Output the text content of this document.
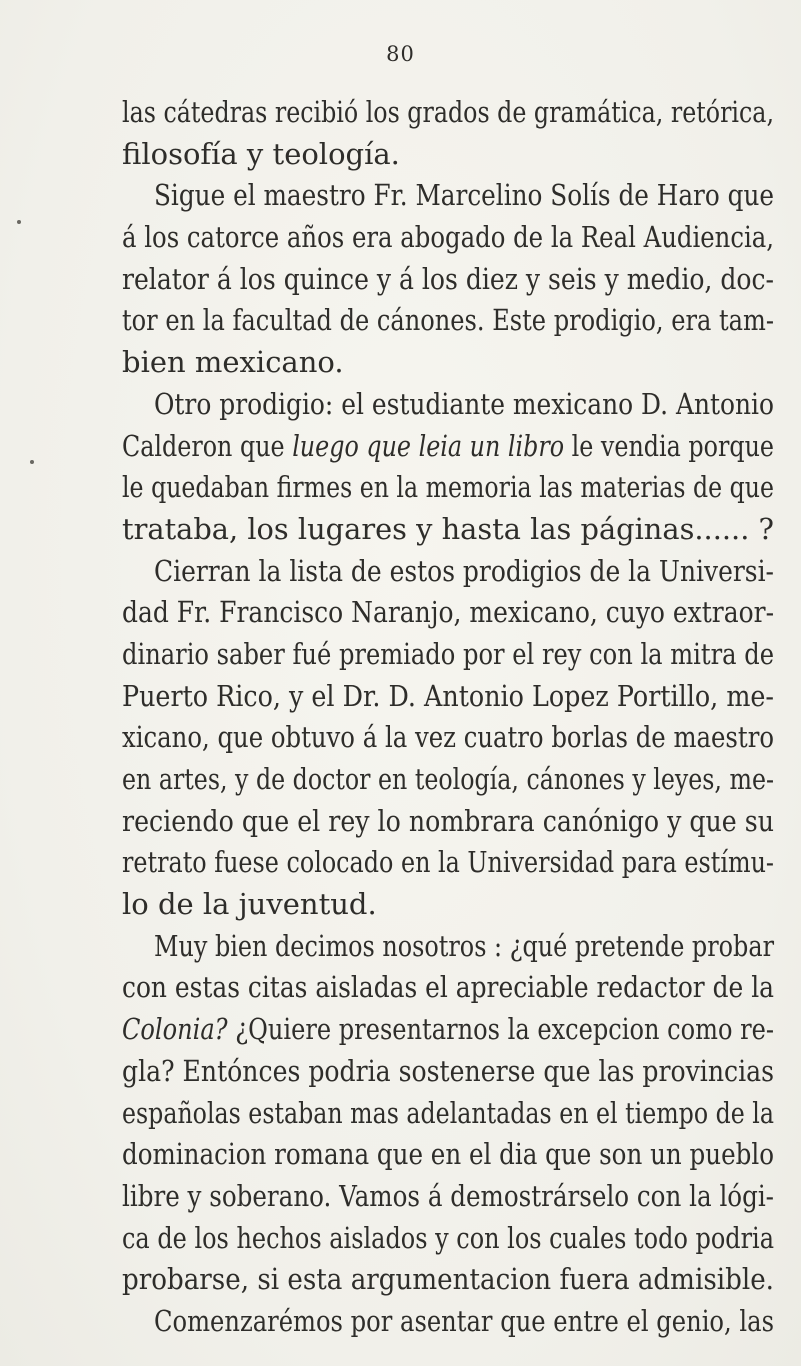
80
las cátedras recibió los grados de gramática, retórica,
filosofía y teología.
Sigue el maestro Fr. Marcelino Solís de Haro que
á los catorce años era abogado de la Real Audiencia,
relator á los quince y á los diez y seis y medio, doc-
tor en la facultad de cánones. Este prodigio, era tam-
bien mexicano.
Otro prodigio: el estudiante mexicano D. Antonio
Calderon que luego que leia un libro le vendia porque
le quedaban firmes en la memoria las materias de que
trataba, los lugares y hasta las páginas...... ?
Cierran la lista de estos prodigios de la Universi-
dad Fr. Francisco Naranjo, mexicano, cuyo extraor-
dinario saber fué premiado por el rey con la mitra de
Puerto Rico, y el Dr. D. Antonio Lopez Portillo, me-
xicano, que obtuvo á la vez cuatro borlas de maestro
en artes, y de doctor en teología, cánones y leyes, me-
reciendo que el rey lo nombrara canónigo y que su
retrato fuese colocado en la Universidad para estímu-
lo de la juventud.
Muy bien decimos nosotros : ¿qué pretende probar
con estas citas aisladas el apreciable redactor de la
Colonia? ¿Quiere presentarnos la excepcion como re-
gla? Entónces podria sostenerse que las provincias
españolas estaban mas adelantadas en el tiempo de la
dominacion romana que en el dia que son un pueblo
libre y soberano. Vamos á demostrárselo con la lógi-
ca de los hechos aislados y con los cuales todo podria
probarse, si esta argumentacion fuera admisible.
Comenzarémos por asentar que entre el genio, las
